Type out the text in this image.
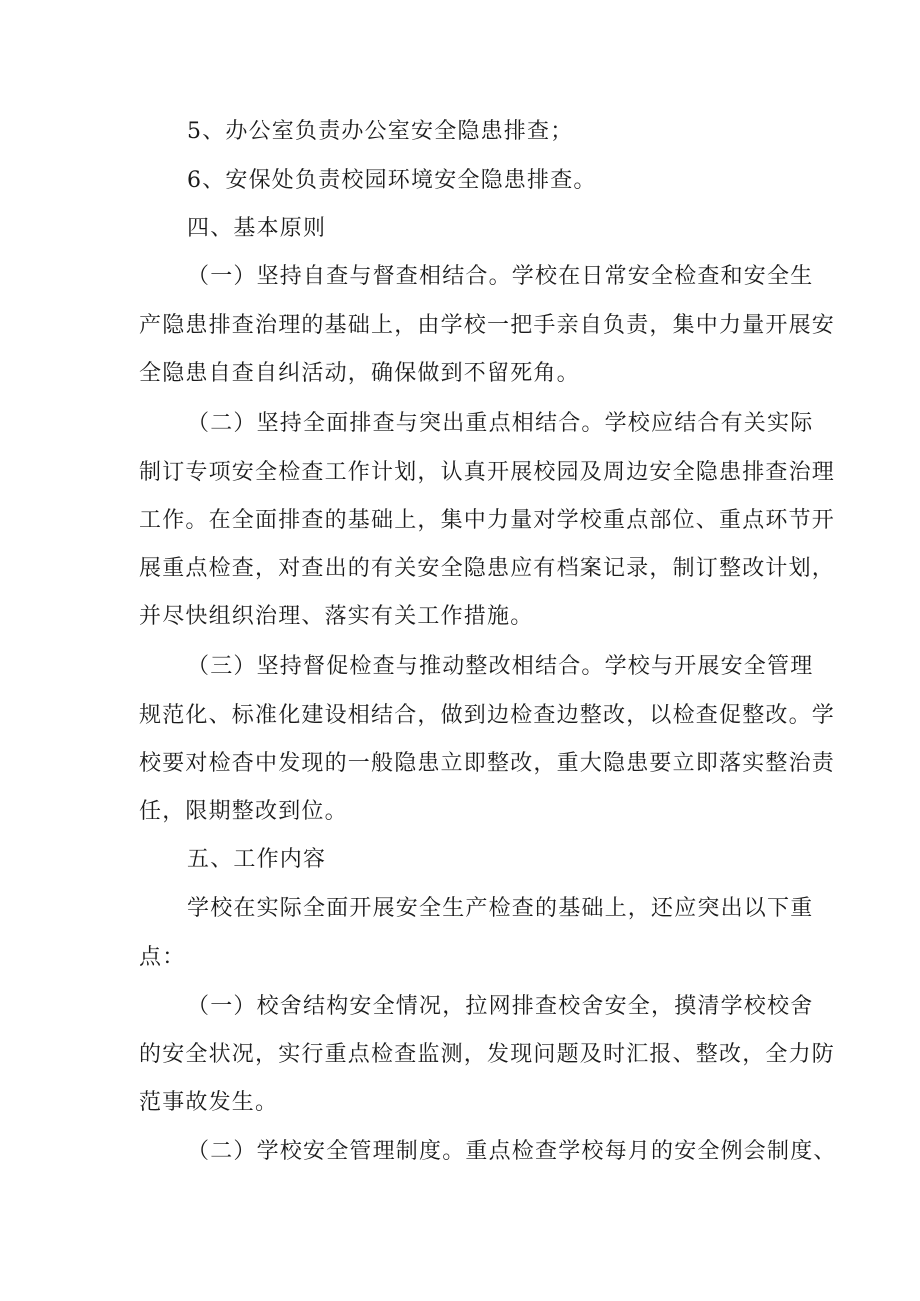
5、办公室负责办公室安全隐患排查；
6、安保处负责校园环境安全隐患排查。
四、基本原则
（一）坚持自查与督查相结合。学校在日常安全检查和安全生
产隐患排查治理的基础上，由学校一把手亲自负责，集中力量开展安
全隐患自查自纠活动，确保做到不留死角。
（二）坚持全面排查与突出重点相结合。学校应结合有关实际
制订专项安全检查工作计划，认真开展校园及周边安全隐患排查治理
工作。在全面排查的基础上，集中力量对学校重点部位、重点环节开
展重点检查，对查出的有关安全隐患应有档案记录，制订整改计划，
并尽快组织治理、落实有关工作措施。
（三）坚持督促检查与推动整改相结合。学校与开展安全管理
规范化、标准化建设相结合，做到边检查边整改，以检查促整改。学
校要对检杳中发现的一般隐患立即整改，重大隐患要立即落实整治责
任，限期整改到位。
五、工作内容
学校在实际全面开展安全生产检查的基础上，还应突出以下重
点：
（一）校舍结构安全情况，拉网排查校舍安全，摸清学校校舍
的安全状况，实行重点检查监测，发现问题及时汇报、整改，全力防
范事故发生。
（二）学校安全管理制度。重点检查学校每月的安全例会制度、
